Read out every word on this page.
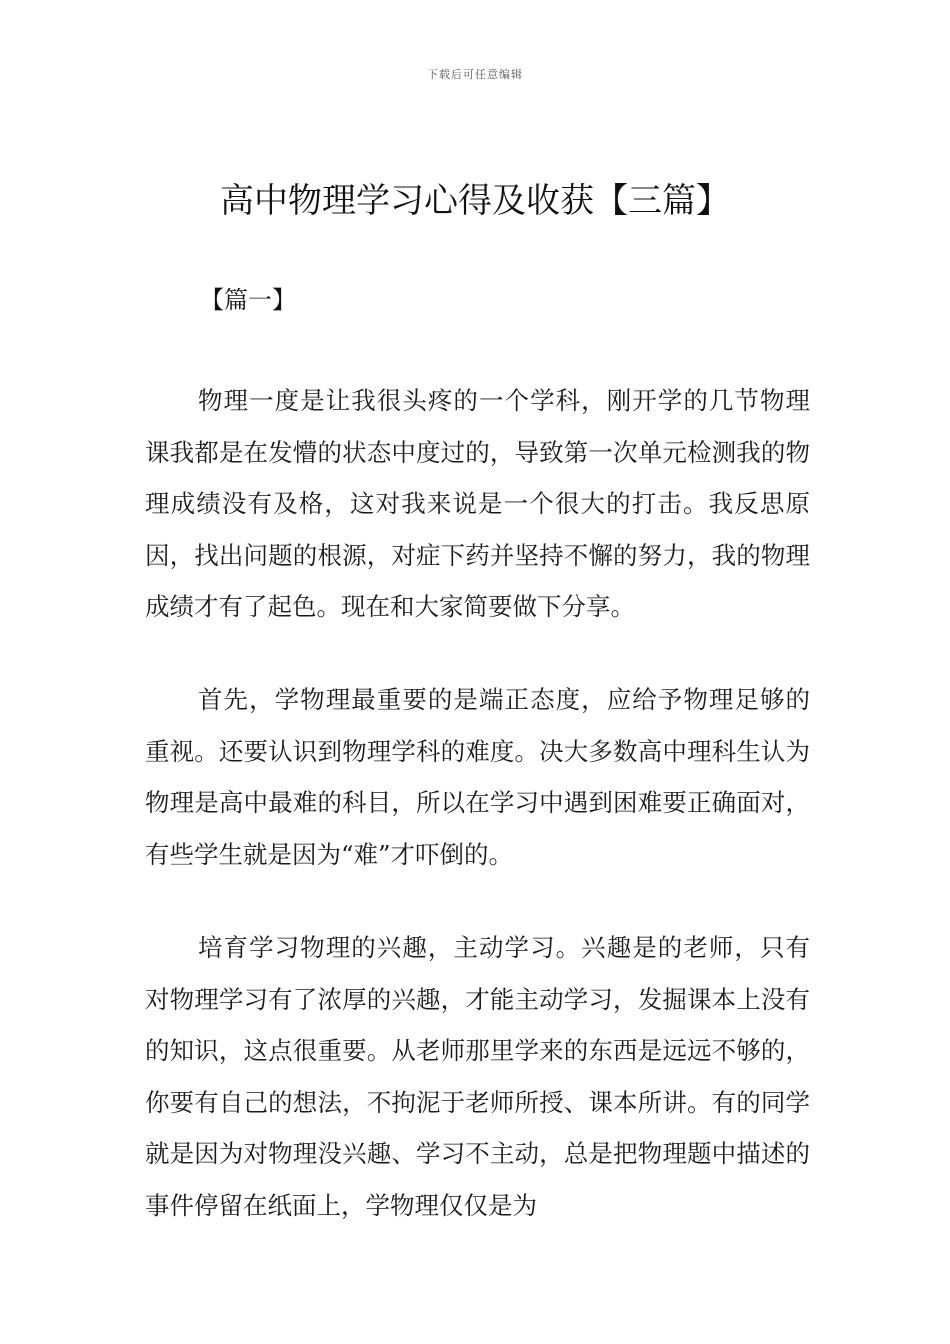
下载后可任意编辑
高中物理学习心得及收获【三篇】
【篇一】

物理一度是让我很头疼的一个学科，刚开学的几节物理课我都是在发懵的状态中度过的，导致第一次单元检测我的物理成绩没有及格，这对我来说是一个很大的打击。我反思原因，找出问题的根源，对症下药并坚持不懈的努力，我的物理成绩才有了起色。现在和大家简要做下分享。

首先，学物理最重要的是端正态度，应给予物理足够的重视。还要认识到物理学科的难度。决大多数高中理科生认为物理是高中最难的科目，所以在学习中遇到困难要正确面对，有些学生就是因为“难”才吓倒的。

培育学习物理的兴趣，主动学习。兴趣是的老师，只有对物理学习有了浓厚的兴趣，才能主动学习，发掘课本上没有的知识，这点很重要。从老师那里学来的东西是远远不够的，你要有自己的想法，不拘泥于老师所授、课本所讲。有的同学就是因为对物理没兴趣、学习不主动，总是把物理题中描述的事件停留在纸面上，学物理仅仅是为
